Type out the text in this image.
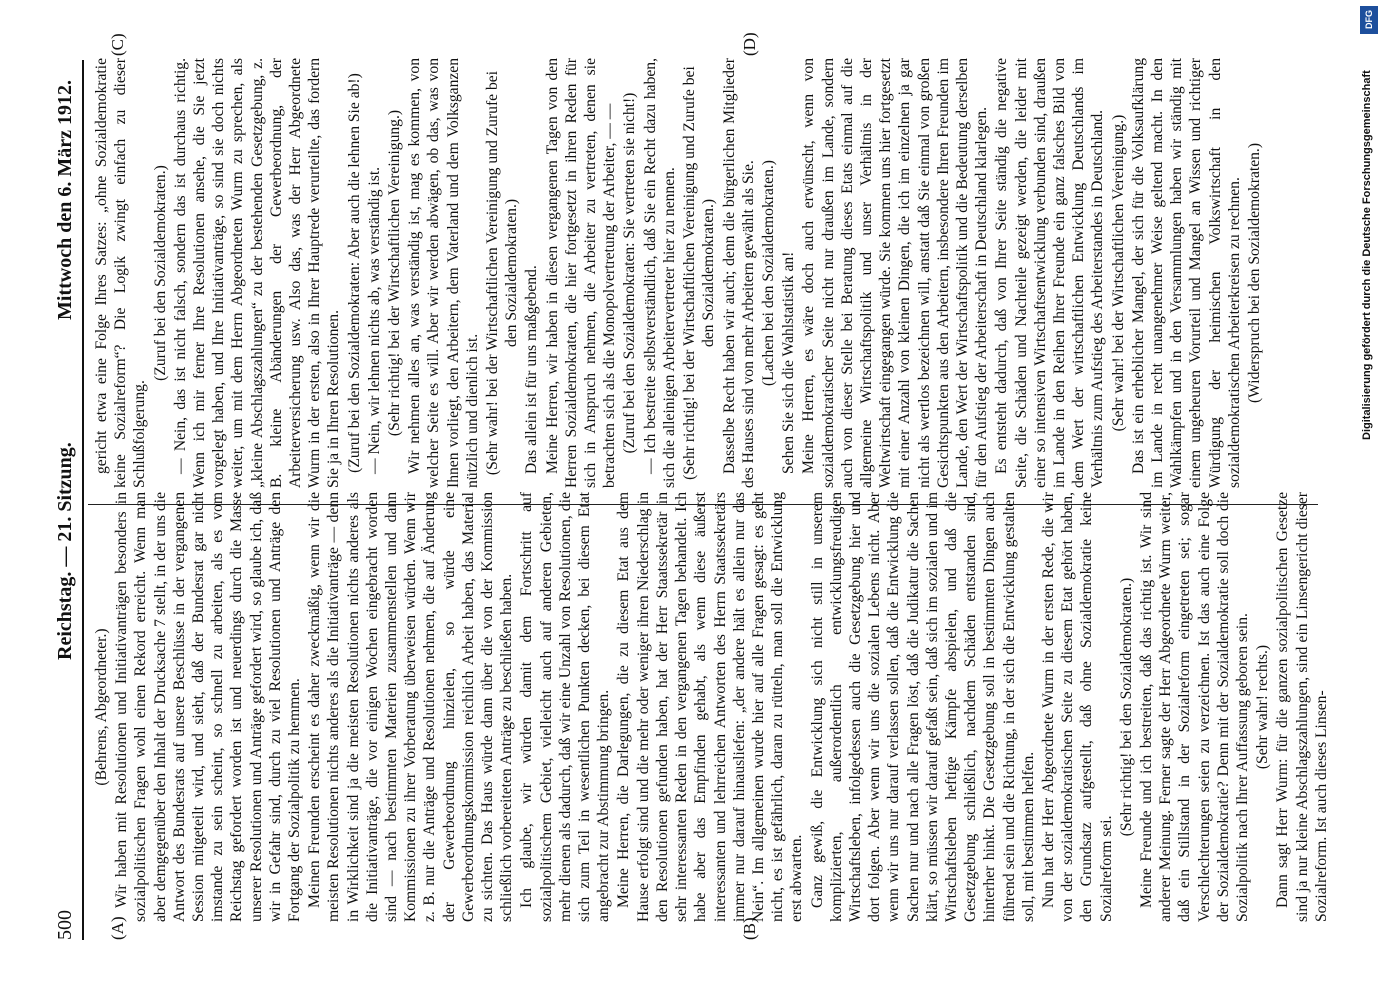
500
Reichstag. — 21. Sitzung.
Mittwoch den 6. März 1912.
(A)	(B)
(C)	(D)

(Behrens, Abgeordneter.) Wir haben mit Resolutionen und Initiativanträgen besonders in sozialpolitischen Fragen wohl einen Rekord erreicht. Wenn man aber demgegenüber den Inhalt der Drucksache 7 stellt, in der uns die Antwort des Bundesrats auf unsere Beschlüsse in der vergangenen Session mitgeteilt wird, und sieht, daß der Bundesrat gar nicht imstande zu sein scheint, so schnell zu arbeiten, als es vom Reichstag gefordert worden ist und neuerdings durch die Masse unserer Resolutionen und Anträge gefordert wird, so glaube ich, daß wir in Gefahr sind, durch zu viel Resolutionen und Anträge den Fortgang der Sozialpolitik zu hemmen. Meinen Freunden erscheint es daher zweckmäßig, wenn wir die meisten Resolutionen nichts anderes als die Initiativanträge — denn in Wirklichkeit sind ja die meisten Resolutionen nichts anderes als die Initiativanträge, die vor einigen Wochen eingebracht worden sind — nach bestimmten Materien zusammenstellen und dann Kommissionen zu ihrer Vorberatung überweisen würden. Wenn wir z. B. nur die Anträge und Resolutionen nehmen, die auf Änderung der Gewerbeordnung hinzielen, so würde eine Gewerbeordnungskommission reichlich Arbeit haben, das Material zu sichten. Das Haus würde dann über die von der Kommission schließlich vorbereiteten Anträge zu beschließen haben. Ich glaube, wir würden damit dem Fortschritt auf sozialpolitischem Gebiet, vielleicht auch auf anderen Gebieten, mehr dienen als dadurch, daß wir eine Unzahl von Resolutionen, die sich zum Teil in wesentlichen Punkten decken, bei diesem Etat angebracht zur Abstimmung bringen. Meine Herren, die Darlegungen, die zu diesem Etat aus dem Hause erfolgt sind und die mehr oder weniger ihren Niederschlag in den Resolutionen gefunden haben, hat der Herr Staatssekretär in sehr interessanten Reden in den vergangenen Tagen behandelt. Ich habe aber das Empfinden gehabt, als wenn diese äußerst interessanten und lehrreichen Antworten des Herrn Staatssekretärs immer nur darauf hinausliefen: „der andere hält es allein nur das Nein“. Im allgemeinen wurde hier auf alle Fragen gesagt: es geht nicht, es ist gefährlich, daran zu rütteln, man soll die Entwicklung erst abwarten. Ganz gewiß, die Entwicklung sich nicht still in unserem komplizierten, außerordentlich entwicklungsfreudigen Wirtschaftsleben, infolgedessen auch die Gesetzgebung hier und dort folgen. Aber wenn wir uns die sozialen Lebens nicht. Aber wenn wir uns nur darauf verlassen sollen, daß die Entwicklung die Sachen nur und nach alle Fragen löst, daß die Judikatur die Sachen klärt, so müssen wir darauf gefaßt sein, daß sich im sozialen und im Wirtschaftsleben heftige Kämpfe abspielen, und daß die Gesetzgebung schließlich, nachdem Schäden entstanden sind, hinterher hinkt. Die Gesetzgebung soll in bestimmten Dingen auch führend sein und die Richtung, in der sich die Entwicklung gestalten soll, mit bestimmen helfen. Nun hat der Herr Abgeordnete Wurm in der ersten Rede, die wir von der sozialdemokratischen Seite zu diesem Etat gehört haben, den Grundsatz aufgestellt, daß ohne Sozialdemokratie keine Sozialreform sei.

(Sehr richtig! bei den Sozialdemokraten.) Meine Freunde und ich bestreiten, daß das richtig ist. Wir sind anderer Meinung. Ferner sagte der Herr Abgeordnete Wurm weiter, daß ein Stillstand in der Sozialreform eingetreten sei; sogar Verschlechterungen seien zu verzeichnen. Ist das auch eine Folge der Sozialdemokratie? Denn mit der Sozialdemokratie soll doch die Sozialpolitik nach Ihrer Auffassung geboren sein. (Sehr wahr! rechts.) Dann sagt Herr Wurm: für die ganzen sozialpolitischen Gesetze sind ja nur kleine Abschlagszahlungen, sind ein Linsengericht dieser Sozialreform. Ist auch dieses Linsen-

gericht etwa eine Folge Ihres Satzes: „ohne Sozialdemokratie keine Sozialreform“? Die Logik zwingt einfach zu dieser Schlußfolgerung.

(Zuruf bei den Sozialdemokraten.) — Nein, das ist nicht falsch, sondern das ist durchaus richtig. Wenn ich mir ferner Ihre Resolutionen ansehe, die Sie jetzt vorgelegt haben, und Ihre Initiativanträge, so sind sie doch nichts weiter, um mit dem Herrn Abgeordneten Wurm zu sprechen, als „kleine Abschlagszahlungen“ zu der bestehenden Gesetzgebung, z. B. kleine Abänderungen der Gewerbeordnung, der Arbeiterversicherung usw. Also das, was der Herr Abgeordnete Wurm in der ersten, also in Ihrer Hauptrede verurteilte, das fordern Sie ja in Ihren Resolutionen. (Zuruf bei den Sozialdemokraten: Aber auch die lehnen Sie ab!) — Nein, wir lehnen nichts ab, was verständig ist. (Sehr richtig! bei der Wirtschaftlichen Vereinigung.) Wir nehmen alles an, was verständig ist, mag es kommen, von welcher Seite es will. Aber wir werden abwägen, ob das, was von Ihnen vorliegt, den Arbeitern, dem Vaterland und dem Volksganzen nützlich und dienlich ist. (Sehr wahr! bei der Wirtschaftlichen Vereinigung und Zurufe bei den Sozialdemokraten.) Das allein ist für uns maßgebend. Meine Herren, wir haben in diesen vergangenen Tagen von den Herren Sozialdemokraten, die hier fortgesetzt in ihren Reden für sich in Anspruch nehmen, die Arbeiter zu vertreten, denen sie betrachten sich als die Monopolvertretung der Arbeiter, — — (Zuruf bei den Sozialdemokraten: Sie vertreten sie nicht!) — Ich bestreite selbstverständlich, daß Sie ein Recht dazu haben, sich die alleinigen Arbeitervertreter hier zu nennen. (Sehr richtig! bei der Wirtschaftlichen Vereinigung und Zurufe bei den Sozialdemokraten.) Dasselbe Recht haben wir auch; denn die bürgerlichen Mitglieder des Hauses sind von mehr Arbeitern gewählt als Sie. (Lachen bei den Sozialdemokraten.) Sehen Sie sich die Wahlstatistik an! Meine Herren, es wäre doch auch erwünscht, wenn von sozialdemokratischer Seite nicht nur draußen im Lande, sondern auch von dieser Stelle bei Beratung dieses Etats einmal auf die allgemeine Wirtschaftspolitik und unser Verhältnis in der Weltwirtschaft eingegangen würde. Sie kommen uns hier fortgesetzt mit einer Anzahl von kleinen Dingen, die ich im einzelnen ja gar nicht als wertlos bezeichnen will, anstatt daß Sie einmal von großen Gesichtspunkten aus den Arbeitern, insbesondere Ihren Freunden im Lande, den Wert der Wirtschaftspolitik und die Bedeutung derselben für den Aufstieg der Arbeiterschaft in Deutschland klarlegen. Es entsteht dadurch, daß von Ihrer Seite ständig die negative Seite, die Schäden und Nachteile gezeigt werden, die leider mit einer so intensiven Wirtschaftsentwicklung verbunden sind, draußen im Lande in den Reihen Ihrer Freunde ein ganz falsches Bild von dem Wert der wirtschaftlichen Entwicklung Deutschlands im Verhältnis zum Aufstieg des Arbeiterstandes in Deutschland. (Sehr wahr! bei der Wirtschaftlichen Vereinigung.) Das ist ein erheblicher Mangel, der sich für die Volksaufklärung im Lande in recht unangenehmer Weise geltend macht. In den Wahlkämpfen und in den Versammlungen haben wir ständig mit einem ungeheuren Vorurteil und Mangel an Wissen und richtiger Würdigung der heimischen Volkswirtschaft in den sozialdemokratischen Arbeiterkreisen zu rechnen. (Widerspruch bei den Sozialdemokraten.)

DFG
Digitalisierung gefördert durch die Deutsche Forschungsgemeinschaft
